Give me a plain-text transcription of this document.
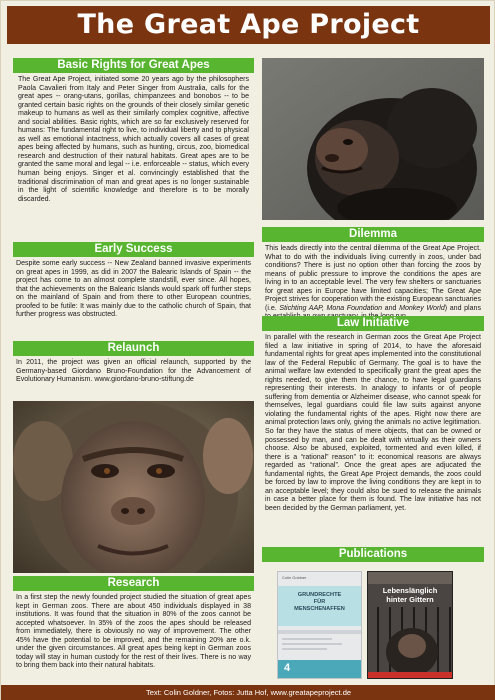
The Great Ape Project
Basic Rights for Great Apes
The Great Ape Project, initiated some 20 years ago by the philosophers Paola Cavalieri from Italy and Peter Singer from Australia, calls for the great apes -- orang-utans, gorillas, chimpanzees and bonobos -- to be granted certain basic rights on the grounds of their closely similar genetic makeup to humans as well as their similarly complex cognitive, affective and social abilities. Basic rights, which are so far exclusively reserved for humans: The fundamental right to live, to individual liberty and to physical as well as emotional intactness, which actually covers all cases of great apes being affected by humans, such as hunting, circus, zoo, biomedical research and destruction of their natural habitats. Great apes are to be granted the same moral and legal -- i.e. enforceable -- status, which every human being enjoys. Singer et al. convincingly established that the traditional discrimination of man and great apes is no longer sustainable in the light of scientific knowledge and therefore is to be morally discarded.
Early Success
Despite some early success -- New Zealand banned invasive experiments on great apes in 1999, as did in 2007 the Balearic Islands of Spain -- the project has come to an almost complete standstill, ever since. All hopes, that the achievements on the Balearic Islands would spark off further steps on the mainland of Spain and from there to other European countries, proofed to be futile: It was mainly due to the catholic church of Spain, that further progress was obstructed.
Relaunch
In 2011, the project was given an official relaunch, supported by the Germany-based Giordano Bruno-Foundation for the Advancement of Evolutionary Humanism. www.giordano-bruno-stiftung.de
Research
In a first step the newly founded project studied the situation of great apes kept in German zoos. There are about 450 individuals displayed in 38 institutions. It was found that the situation in 80% of the zoos cannot be accepted whatsoever. In 35% of the zoos the apes should be released from immediately, there is obviously no way of improvement. The other 45% have the potential to be improved, and the remaining 20% are o.k. under the given circumstances. All great apes being kept in German zoos today will stay in human custody for the rest of their lives. There is no way to bring them back into their natural habitats.
Dilemma
This leads directly into the central dilemma of the Great Ape Project. What to do with the individuals living currently in zoos, under bad conditions? There is just no option other than forcing the zoos by means of public pressure to improve the conditions the apes are living in to an acceptable level. The very few shelters or sanctuaries for great apes in Europe have limited capacities; The Great Ape Project strives for cooperation with the existing European sanctuaries (i.e. Stichting AAP, Mona Foundation and Monkey World) and plans
Law Initiative
In parallel with the research in German zoos the Great Ape Project filed a law initiative in spring of 2014, to have the aforesaid fundamental rights for great apes implemented into the constitutional law of the Federal Republic of Germany. The goal is to have the animal welfare law extended to specifically grant the great apes the rights needed, to give them the chance, to have legal guardians representing their interests. In analogy to infants or of people suffering from dementia or Alzheimer disease, who cannot speak for themselves, legal guardians could file law suits against anyone violating the fundamental rights of the apes. Right now there are animal protection laws only, giving the animals no active legitimation. So far they have the status of mere objects, that can be owned or possessed by man, and can be dealt with virtually as their owners choose. Also be abused, exploited, tormented and even killed, if there is a “rational” reason” to it: economical reasons are always regarded as “rational”. Once the great apes are adjucated the fundamental rights, the Great Ape Project demands, the zoos could be forced by law to improve the living conditions they are kept in to an acceptable level; they could also be sued to release the animals in case a better place for them is found. The law initiative has not been decided by the German parliament, yet.
Publications
Colin Goldner
GRUNDRECHTE
FÜR
MENSCHENAFFEN
4
Lebenslänglich
hinter Gittern
Text: Colin Goldner, Fotos: Jutta Hof, www.greatapeproject.de
